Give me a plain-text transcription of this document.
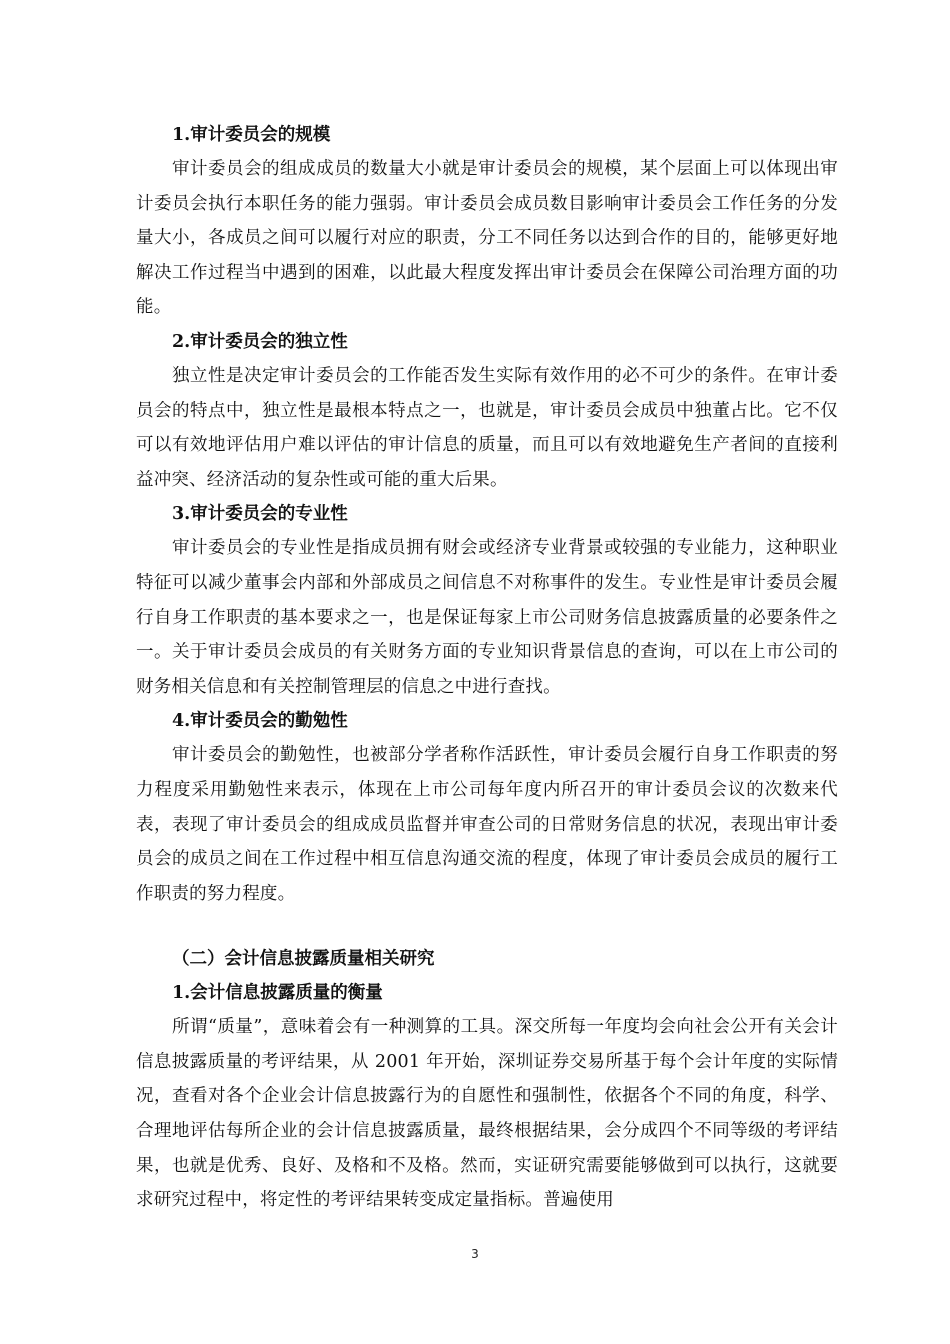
1.审计委员会的规模

审计委员会的组成成员的数量大小就是审计委员会的规模，某个层面上可以体现出审计委员会执行本职任务的能力强弱。审计委员会成员数目影响审计委员会工作任务的分发量大小，各成员之间可以履行对应的职责，分工不同任务以达到合作的目的，能够更好地解决工作过程当中遇到的困难，以此最大程度发挥出审计委员会在保障公司治理方面的功能。

2.审计委员会的独立性

独立性是决定审计委员会的工作能否发生实际有效作用的必不可少的条件。在审计委员会的特点中，独立性是最根本特点之一，也就是，审计委员会成员中独董占比。它不仅可以有效地评估用户难以评估的审计信息的质量，而且可以有效地避免生产者间的直接利益冲突、经济活动的复杂性或可能的重大后果。

3.审计委员会的专业性

审计委员会的专业性是指成员拥有财会或经济专业背景或较强的专业能力，这种职业特征可以减少董事会内部和外部成员之间信息不对称事件的发生。专业性是审计委员会履行自身工作职责的基本要求之一，也是保证每家上市公司财务信息披露质量的必要条件之一。关于审计委员会成员的有关财务方面的专业知识背景信息的查询，可以在上市公司的财务相关信息和有关控制管理层的信息之中进行查找。

4.审计委员会的勤勉性

审计委员会的勤勉性，也被部分学者称作活跃性，审计委员会履行自身工作职责的努力程度采用勤勉性来表示，体现在上市公司每年度内所召开的审计委员会议的次数来代表，表现了审计委员会的组成成员监督并审查公司的日常财务信息的状况，表现出审计委员会的成员之间在工作过程中相互信息沟通交流的程度，体现了审计委员会成员的履行工作职责的努力程度。

（二）会计信息披露质量相关研究
1.会计信息披露质量的衡量

所谓“质量”，意味着会有一种测算的工具。深交所每一年度均会向社会公开有关会计信息披露质量的考评结果，从 2001 年开始，深圳证券交易所基于每个会计年度的实际情况，查看对各个企业会计信息披露行为的自愿性和强制性，依据各个不同的角度，科学、合理地评估每所企业的会计信息披露质量，最终根据结果，会分成四个不同等级的考评结果，也就是优秀、良好、及格和不及格。然而，实证研究需要能够做到可以执行，这就要求研究过程中，将定性的考评结果转变成定量指标。普遍使用

3
